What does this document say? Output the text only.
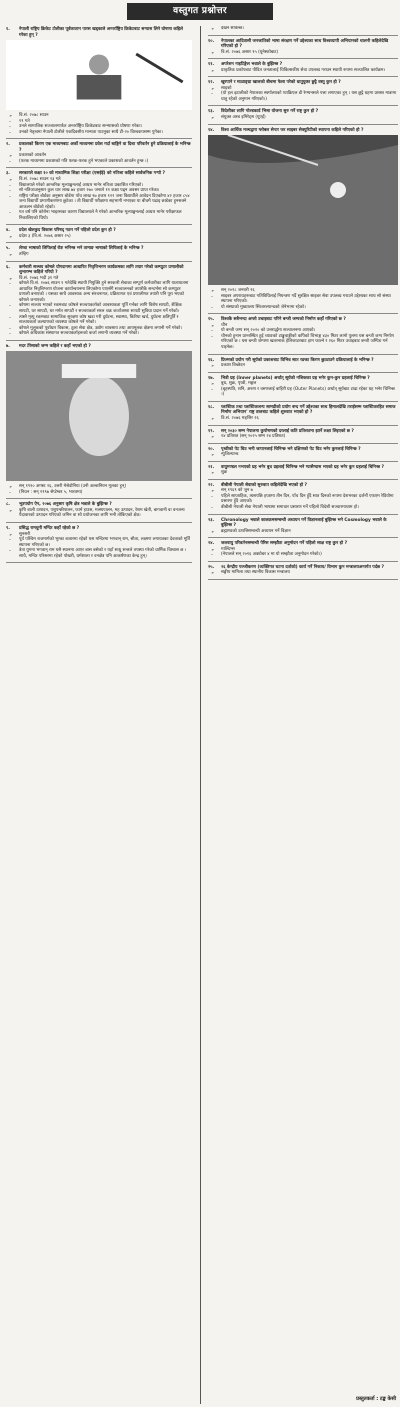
वस्तुगत प्रश्नोत्तर
१.	नेपाली राष्ट्रिय क्रिकेट टोलीका पूर्वकप्तान पारस खड्काले अन्तर्राष्ट्रिय क्रिकेटबाट सन्यास लिने घोषणा कहिले गरेका हुन् ?
➢ वि.सं. २०७८ साउन
– १९ गते
– उनले सामाजिक सञ्जालमार्फत अन्तर्राष्ट्रिय क्रिकेटबाट सन्न्यासको घोषणा गरेका।
– उनको नेतृत्वमा नेपाली टोलीले एकदिवसीय मान्यता पाउनुका साथै टी-२० विश्वकपसम्म पुगेका।
२.	प्रकाशको किरण एक माध्यमबाट अर्को माध्यममा प्रवेश गर्दा बाङ्गिने वा दिशा परिवर्तन हुने प्रक्रियालाई के भनिन्छ ?
➢ प्रकाशको आवर्तन
– (फरक माध्यममा प्रकाशको गति फरक-फरक हुने भएकाले प्रकाशको आवर्तन हुन्छ ।)
३.	सरकारले कक्षा १० को माध्यमिक शिक्षा परीक्षा (एसईई) को नतिजा कहिले सार्वजनिक गऱ्यो ?
➢ वि.सं. २०७८ साउन २३ गते
– विद्यालयले गरेको आन्तरिक मूल्याङ्कनलाई आधार मानेर नतिजा प्रकाशित गरिएको।
– सो नतिजाअनुसार कुल चार लाख ७४ हजार २७० जनाले ११ कक्षा पढ्न अवसर प्राप्त गरेका।
– राष्ट्रिय परीक्षा बोर्डका अनुसार बोर्डमा पाँच लाख १७ हजार १२२ जना विद्यार्थीले आवेदन दिएकोमा ४२ हजार ८५४ जना विद्यार्थी प्रमाणीकरणमा छुटेका । ती विद्यार्थी परीक्षामा सहभागी नभएका या बीचमै पढाइ छाडेका हुनसक्ने आकलन बोर्डको रहेको।
– गत वर्ष पनि कोरोना भाइरसका कारण विद्यालयले नै गरेको आन्तरिक मूल्याङ्कनलाई आधार मानेर परीक्षाफल निकालिएको थियो।
४.	प्रदेश खेलकुद विकास परिषद् गठन गर्ने पहिलो प्रदेश कुन हो ?
➢ प्रदेश ३ (वि.सं. २०७६ असार २५)
५.	लेप्चा भाषाको लिपिलाई रोङ भनिन्छ भने तामाङ भाषाको लिपिलाई के भनिन्छ ?
➢ तम्हिग
६.	कर्मचारी सञ्चय कोषले योगदानमा आधारित निवृत्तिभरण कार्यक्रमका लागि तयार गरेको कम्प्युटर प्रणालीको शुभारम्भ कहिले गरियो ?
➢ वि.सं. २०७६ भदौ ३१ गते
– कोषले वि.सं. २०७६ साउन १ गतेदेखि स्थायी नियुक्ति हुने सरकारी सेवाका सम्पूर्ण कर्मचारीका लागि यातायातमा आधारित निवृत्तिभरण योजना कार्यान्वयनमा लिएकोमा पाएसँगै सञ्चालनको तयारीकै सन्दर्भमा सो कम्प्युटर प्रणाली बनाएको । यसका साथै आवश्यक अन्य संरचनागत, प्रक्रियागत एवं प्रणालीगत तयारी पनि पूरा भएको कोषले जनाएको।
– कोषमा सञ्चय भएको रकमबाट कोषले सञ्चयकर्ताको आवश्यकता पूर्ति गर्नका लागि विशेष सापटी, शैक्षिक सापटी, घर सापटी, घर मर्मत सापटी र सञ्चयकर्ता सरल चक्र कर्जाजस्ता सापटी सुविधा प्रदान गर्ने गरेको।
– त्यस्तै मृत्यु रकमबाट सामाजिक सुरक्षण कोष खडा गरी दुर्घटना, स्वास्थ्य, किरिया खर्च, दुर्घटना क्षतिपूर्ति र सञ्चयकर्ता कल्याणको व्यवस्था कोषले गर्ने गरेको।
– कोषले मुलुकको पूर्वाधार विकास, ठूला सेवा क्षेत्र, उद्योग व्यवसाय तथा आयमूलक क्षेत्रमा लगानी गर्ने गरेको।
– कोषले अधिकांश संस्थागत सञ्चयकर्ताहरूको कर्जा लगानी व्यवस्था गर्ने गरेको।
७.	मदर टेरेसाको जन्म कहिले र कहाँ भएको हो ?
➢ सन् १९१० अगस्ट २६, उत्तरी मेसेडोनिया (उनी अल्बानियन मूलका हुन्)
– (निधन : सन् १९९७ सेप्टेम्बर ५, भारतमा)
८.	भूउपयोग ऐन, २०७६ अनुसार कृषि क्षेत्र भन्नाले के बुझिन्छ ?
➢ कृषि बाली उत्पादन, पशुपन्छीपालन, फार्म हाउस, मत्स्यपालन, मह उत्पादन, रेशम खेती, बागवानी वा वनजन्य पैदावारको उत्पादन गरिएको जमिन वा सो प्रयोजनका लागि भनी तोकिएको क्षेत्र।
९.	प्रसिद्ध रामधुनी मन्दिर कहाँ रहेको छ ?
➢ सुनसरी
– पूर्व पश्चिम राजमार्गको भुम्का बजारमा रहेको यस मन्दिरमा भगवान् राम, सीता, लक्ष्मण लगायतका देवताको मूर्ति स्थापना गरिएको छ।
– त्रेता युगमा भगवान् राम यसै स्थानमा आएर बास बसेको र यहाँ साधु सन्तले तपस्या गरेको धार्मिक विश्वास छ । साथै, मन्दिर परिसरमा रहेको पोखरी, धर्मशाला र वनक्षेत्र पनि आकर्षणका केन्द्र हुन्।
➢ देखन सकिन्छ।
१०.	नेपालका आदिवासी जनजातिको भाषा संरक्षण गर्ने उद्देश्यका साथ विश्वव्यापी अभियानको थालनी कहिलेदेखि गरिएको हो ?
➢ वि.सं. २०७६ असार १५ (यूनेस्कोबाट)
११.	अपरेशन नाइटिङ्गेल भन्नाले के बुझिन्छ ?
➢ प्राकृतिक प्रकोपबाट पीडित जनतालाई चिकित्सकीय सेवा उपलब्ध गराउन स्थायी रूपमा सञ्चालित कार्यक्रम।
१२.	खुरपाने र मट्याङ्ग्रा खालको बीचमा फेला परेको धातुयुक्त छुट्टै वस्तु कुन हो ?
➢ साइको
– (यो हल इटालीको नेपालका स्वर्गालयको प्याक्रिएल डी रेग्म्यनसले पत्ता लगाएका हुन् । यस छुट्टै ग्रहमा प्रशस्त मात्रामा धातु रहेको अनुमान गरिएको।)
१३.	विदेशीका लागि गोल्डकार्ड भिसा योजना सुरु गर्ने राष्ट्र कुन हो ?
➢ संयुक्त अरब इमिरेट्स (यूएई)
१४.	विश्व आर्थिक मञ्चद्वारा ग्लोबल सेन्टर फर साइबर सेक्युरिटीको स्थापना कहिले गरिएको हो ?
➢ सन् २०१८ जनवरी २६
– साइबर अपराधहरूबाट गतिविधिलाई नियन्त्रण गर्दै सुरक्षित साइबर सेवा उपलब्ध गराउने उद्देश्यका साथ सो संस्था स्थापना गरिएको।
– यो संस्थाको मुख्यालय स्विजरल्यान्डको जेनेभामा रहेको।
१५.	विश्वकै सबैभन्दा अग्लो उचाइबाट गरिने बन्जी जम्पको निर्माण कहाँ गरिएको छ ?
➢ चीन
– यो बन्जी जम्प सन् २०२० को उत्तरार्द्धमा सञ्चालनमा आएको।
– चीनको हुनान प्रान्तस्थित हुई च्याङको टाङ्कुवाङ्गीको कपिको चिभाङ्ग ४३० मिटर लामो पुलमा यस बन्जी जम्प निर्माण गरिएको छ । यस बन्जी जम्पमा खतरनाक हेलिकप्टरबाट हाम फाल्ने र २६० मिटर उचाइबाट बन्जी जम्पिङ गर्न पाइनेछ।
१६.	प्रिज्मको प्रयोग गरी सूर्यको प्रकाशबाट विभिन्न सात रङका किरण छुट्याउने प्रक्रियालाई के भनिन्छ ?
➢ प्रकाश विच्छेदन
१७.	भित्री ग्रह (Inner planets) अर्थात् सूर्यको नजिकका ग्रह भनेर कुन-कुन ग्रहलाई चिनिन्छ ?
➢ बुध, शुक्र, पृथ्वी, मङ्गल
– (बृहस्पति, शनि, अरुण र वरुणलाई बाहिरी ग्रह (Outer Planets) अर्थात् सूर्यबाट टाढा रहेका ग्रह भनेर चिनिन्छ ।)
१८.	प्लास्टिक तथा प्लास्टिकजन्य सामग्रीको प्रयोग बन्द गर्ने उद्देश्यका साथ हिमालदेखि तराईसम्म प्लास्टिकरहित समाज निर्माण अभियान' राष्ट्र तालबाट कहिले शुरुवात भएको हो ?
➢ वि.सं. २०७६ मङ्सिर २६
१९.	सन् २०३० सम्म नेपालमा कुपोषणको दरलाई कति प्रतिशतमा झार्ने लक्ष्य लिइएको छ ?
➢ १४ प्रतिशत (सन् २०२५ सम्म २४ प्रतिशत)
२०.	पृथ्वीको पेट घिउ भनी जापानलाई चिनिन्छ भने दक्षिणको पेट घिउ भनेर कुनलाई चिनिन्छ ?
➢ न्युजिल्यान्ड
२१.	वायुमण्डल नभएको ग्रह भनेर बुध ग्रहलाई चिनिन्छ भने ग्यासैग्यास भएको ग्रह भनेर कुन ग्रहलाई चिनिन्छ ?
➢ शुक्र
२२.	बीबीसी नेपाली सेवाको सुरुवात कहिलेदेखि भएको हो ?
➢ सन् १९६९ को जुन ७
– पहिले साप्ताहिक, त्यसपछि हप्तामा तीन दिन, पाँच दिन हुँदै सात दिनको रूपमा देशभरका दर्जनौं एफएम रेडियोमा प्रसारण हुँदै आएको।
– बीबीसी नेपाली सेवा नेपाली भाषामा समाचार प्रसारण गर्ने पहिलो विदेशी सञ्चारमाध्यम हो।
२३.	Chronology भन्नाले कालक्रमसम्बन्धी अध्ययन गर्ने विज्ञानलाई बुझिन्छ भने Cosmology भन्नाले के बुझिन्छ ?
➢ ब्रह्माण्डको उत्पत्तिसम्बन्धी अध्ययन गर्ने विज्ञान
२४.	जलवायु परिवर्तनसम्बन्धी पेरिस सम्झौता अनुमोदन गर्ने पहिलो साक्ष राष्ट्र कुन हो ?
➢ माल्दिभ्स
– (नेपालले सन् २०१६ अक्टोबर ४ मा यो सम्झौता अनुमोदन गरेको।)
२५.	२६ केन्द्रीय पञ्जीकरण (व्यक्तिगत घटना दर्ताको) कार्य गर्ने निकाय/ विभाग कुन मन्त्रालयअन्तर्गत पर्दछ ?
➢ सङ्घीय मामिला तथा स्थानीय विकास मन्त्रालय
प्रस्तुतकर्ता : टङ्क केसी
